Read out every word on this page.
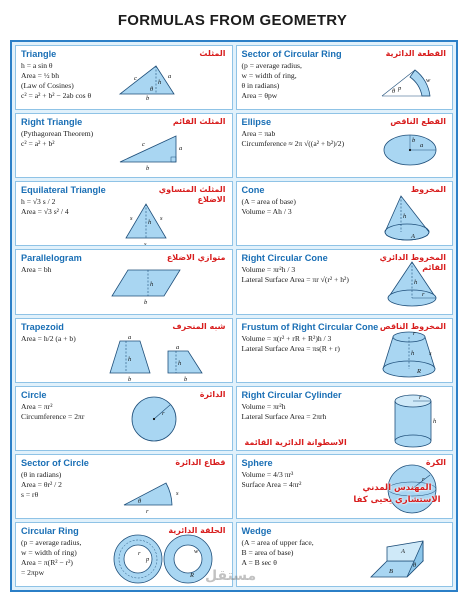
FORMULAS FROM GEOMETRY
Triangle	المثلث
h = a sin θ
Area = ½ bh
(Law of Cosines)
c² = a² + b² − 2ab cos θ
c	a
h
θ
b
Sector of Circular Ring	القطعة الدائرية
(p = average radius,
w = width of ring,
θ in radians)
Area = θpw
p
θ
w
Right Triangle	المثلث القائم
(Pythagorean Theorem)
c² = a² + b²	c
a
b
Ellipse	القطع الناقص
Area = πab
Circumference ≈ 2π √((a² + b²)/2)	b
a
Equilateral Triangle	المثلث المتساوي الاضلاع
h = √3 s / 2
Area = √3 s² / 4
s
h
s
s
Cone	المخروط
(A = area of base)
Volume = Ah / 3
h
A
Parallelogram	متوازي الاضلاع
Area = bh
h
b
Right Circular Cone	المخروط الدائري القائم
Volume = πr²h / 3
Lateral Surface Area = πr √(r² + h²)	h
r
Trapezoid	شبه المنحرف
Area = h/2 (a + b)	a
h
b
a
h
b
Frustum of Right Circular Cone المخروط الناقص
Volume = π(r² + rR + R²)h / 3
Lateral Surface Area = πs(R + r)
r
s
h
R
Circle	الدائرة
Area = πr²
Circumference = 2πr	r
Right Circular Cylinder
Volume = πr²h
Lateral Surface Area = 2πrh
r
h
الاسطوانة الدائرية القائمة
Sector of Circle	قطاع الدائرة
(θ in radians)
Area = θr² / 2
s = rθ	s
θ
r
Sphere	الكرة
Volume = 4/3 πr³
Surface Area = 4πr²
r
Circular Ring	الحلقة الدائرية
(p = average radius,
w = width of ring)
Area = π(R² − r²)
= 2πpw
r
p
R
w
Wedge
(A = area of upper face,
B = area of base)
A = B sec θ
A
θ
B
المهندس المدني
الاستشاري يحيى كفا
مستقل
